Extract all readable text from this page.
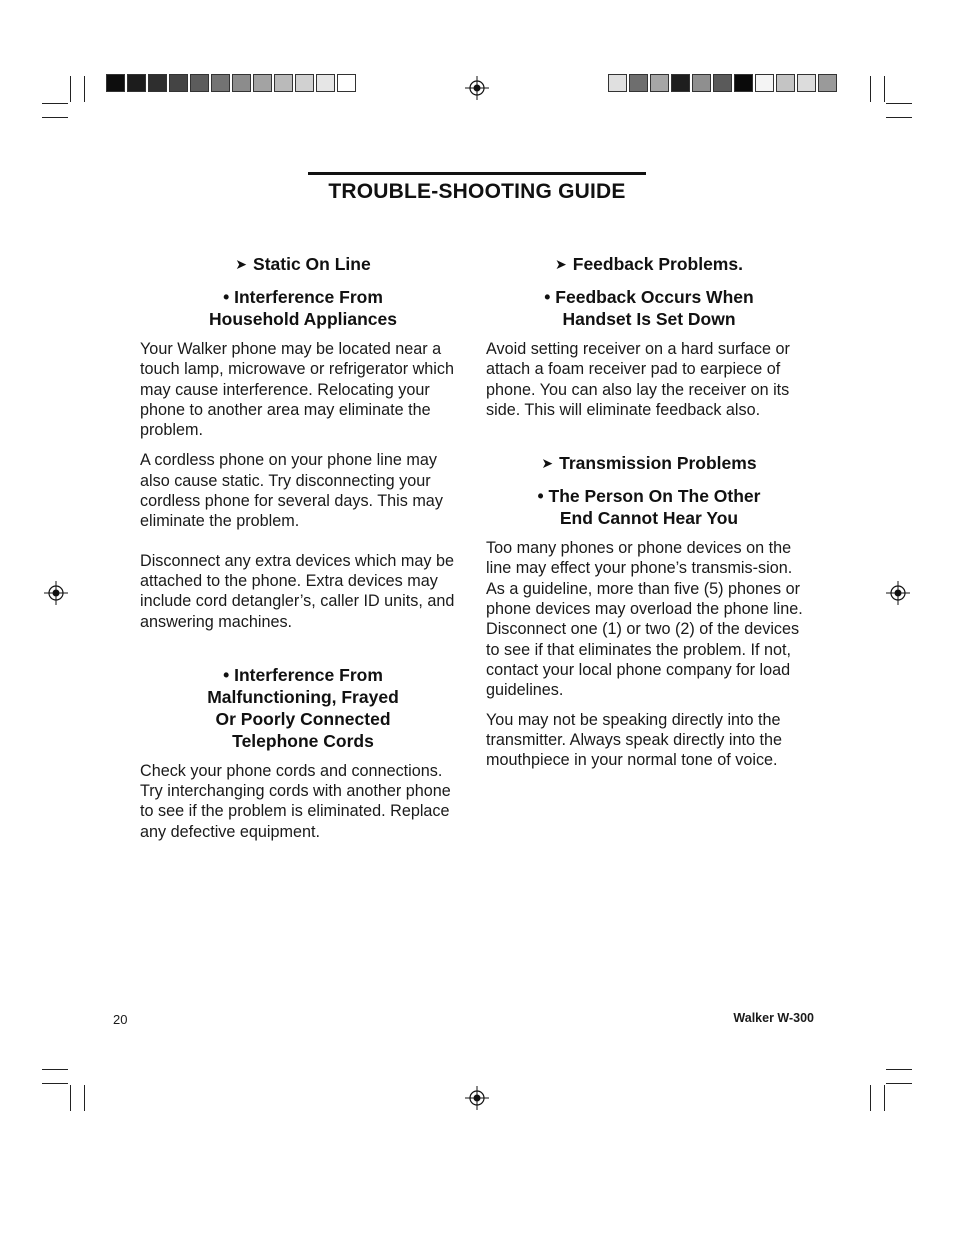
TROUBLE-SHOOTING GUIDE
➤ Static On Line
• Interference From
Household Appliances

Your Walker phone may be located near a touch lamp, microwave or refrigerator which may cause interference. Relocating your phone to another area may eliminate the problem.

A cordless phone on your phone line may also cause static. Try disconnecting your cordless phone for several days. This may eliminate the problem.

Disconnect any extra devices which may be attached to the phone. Extra devices may include cord detangler’s, caller ID units, and answering machines.

• Interference From
Malfunctioning, Frayed
Or Poorly Connected
Telephone Cords

Check your phone cords and connections. Try interchanging cords with another phone to see if the problem is eliminated. Replace any defective equipment.

➤ Feedback Problems.
• Feedback Occurs When
Handset Is Set Down

Avoid setting receiver on a hard surface or attach a foam receiver pad to earpiece of phone. You can also lay the receiver on its side. This will eliminate feedback also.

➤ Transmission Problems
• The Person On The Other
End Cannot Hear You

Too many phones or phone devices on the line may effect your phone’s transmis-sion. As a guideline, more than five (5) phones or phone devices may overload the phone line. Disconnect one (1) or two (2) of the devices to see if that eliminates the problem. If not, contact your local phone company for load guidelines.

You may not be speaking directly into the transmitter. Always speak directly into the mouthpiece in your normal tone of voice.

20	Walker W-300
